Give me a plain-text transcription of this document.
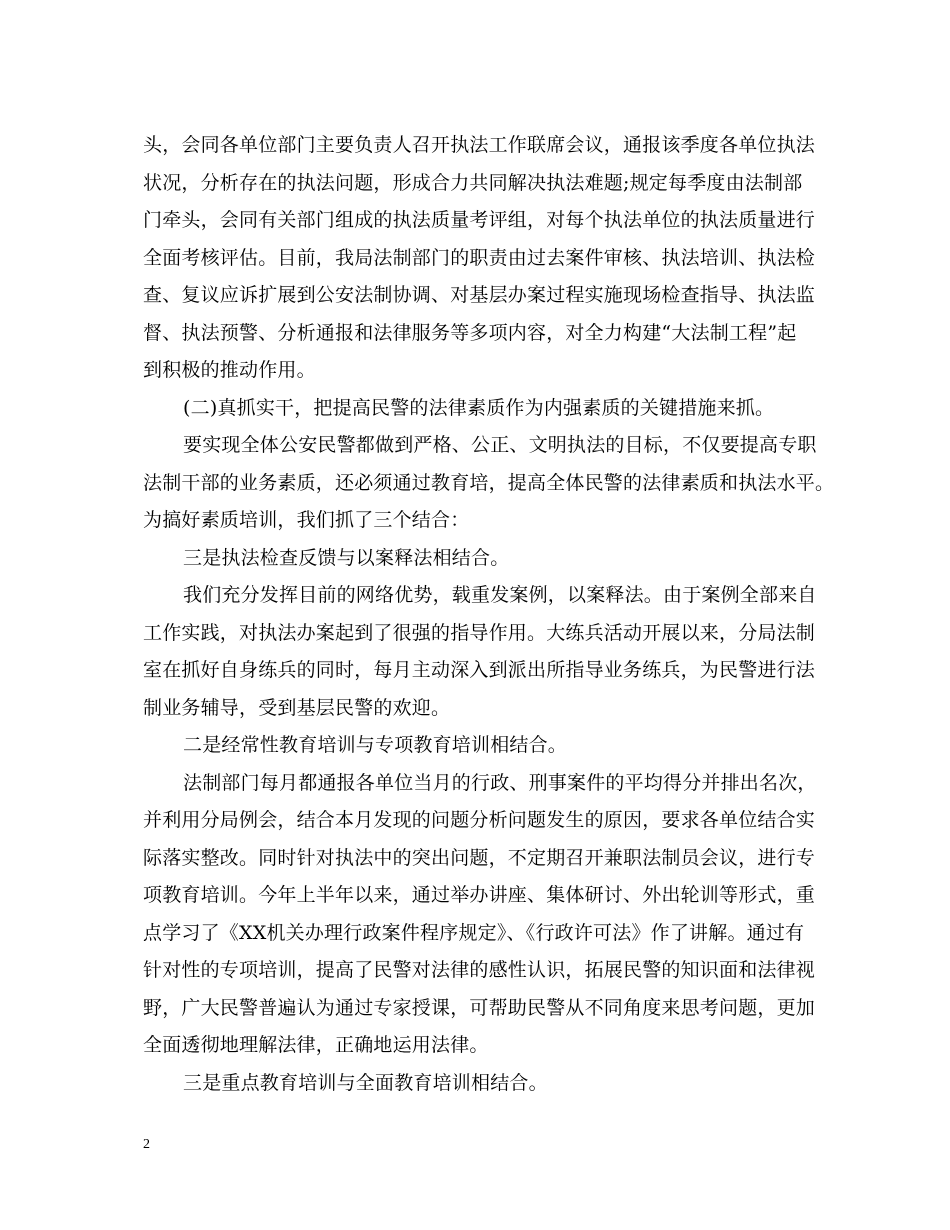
头，会同各单位部门主要负责人召开执法工作联席会议，通报该季度各单位执法
状况，分析存在的执法问题，形成合力共同解决执法难题;规定每季度由法制部
门牵头，会同有关部门组成的执法质量考评组，对每个执法单位的执法质量进行
全面考核评估。目前，我局法制部门的职责由过去案件审核、执法培训、执法检
查、复议应诉扩展到公安法制协调、对基层办案过程实施现场检查指导、执法监
督、执法预警、分析通报和法律服务等多项内容，对全力构建“大法制工程”起
到积极的推动作用。
(二)真抓实干，把提高民警的法律素质作为内强素质的关键措施来抓。
要实现全体公安民警都做到严格、公正、文明执法的目标，不仅要提高专职
法制干部的业务素质，还必须通过教育培，提高全体民警的法律素质和执法水平。
为搞好素质培训，我们抓了三个结合：
三是执法检查反馈与以案释法相结合。
我们充分发挥目前的网络优势，载重发案例，以案释法。由于案例全部来自
工作实践，对执法办案起到了很强的指导作用。大练兵活动开展以来，分局法制
室在抓好自身练兵的同时，每月主动深入到派出所指导业务练兵，为民警进行法
制业务辅导，受到基层民警的欢迎。
二是经常性教育培训与专项教育培训相结合。
法制部门每月都通报各单位当月的行政、刑事案件的平均得分并排出名次，
并利用分局例会，结合本月发现的问题分析问题发生的原因，要求各单位结合实
际落实整改。同时针对执法中的突出问题，不定期召开兼职法制员会议，进行专
项教育培训。今年上半年以来，通过举办讲座、集体研讨、外出轮训等形式，重
点学习了《XX机关办理行政案件程序规定》、《行政许可法》作了讲解。通过有
针对性的专项培训，提高了民警对法律的感性认识，拓展民警的知识面和法律视
野，广大民警普遍认为通过专家授课，可帮助民警从不同角度来思考问题，更加
全面透彻地理解法律，正确地运用法律。
三是重点教育培训与全面教育培训相结合。
2
